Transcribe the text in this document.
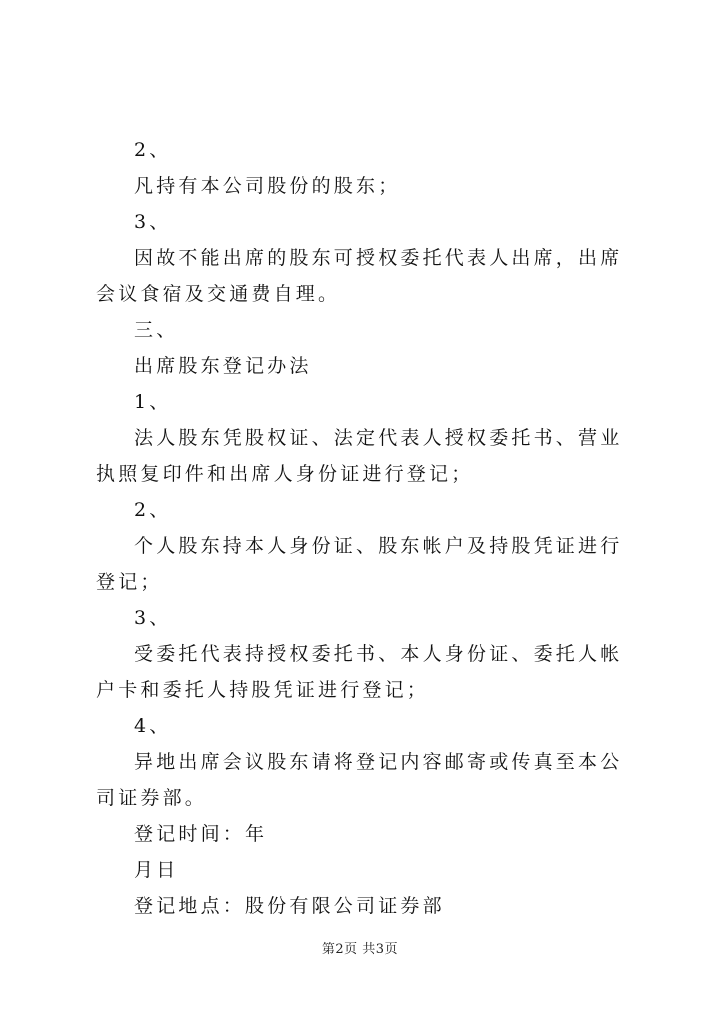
2、

凡持有本公司股份的股东；

3、

因故不能出席的股东可授权委托代表人出席，出席会议食宿及交通费自理。

三、

出席股东登记办法

1、

法人股东凭股权证、法定代表人授权委托书、营业执照复印件和出席人身份证进行登记；

2、

个人股东持本人身份证、股东帐户及持股凭证进行登记；

3、

受委托代表持授权委托书、本人身份证、委托人帐户卡和委托人持股凭证进行登记；

4、

异地出席会议股东请将登记内容邮寄或传真至本公司证券部。

登记时间：年

月日

登记地点：股份有限公司证券部

第2页 共3页
